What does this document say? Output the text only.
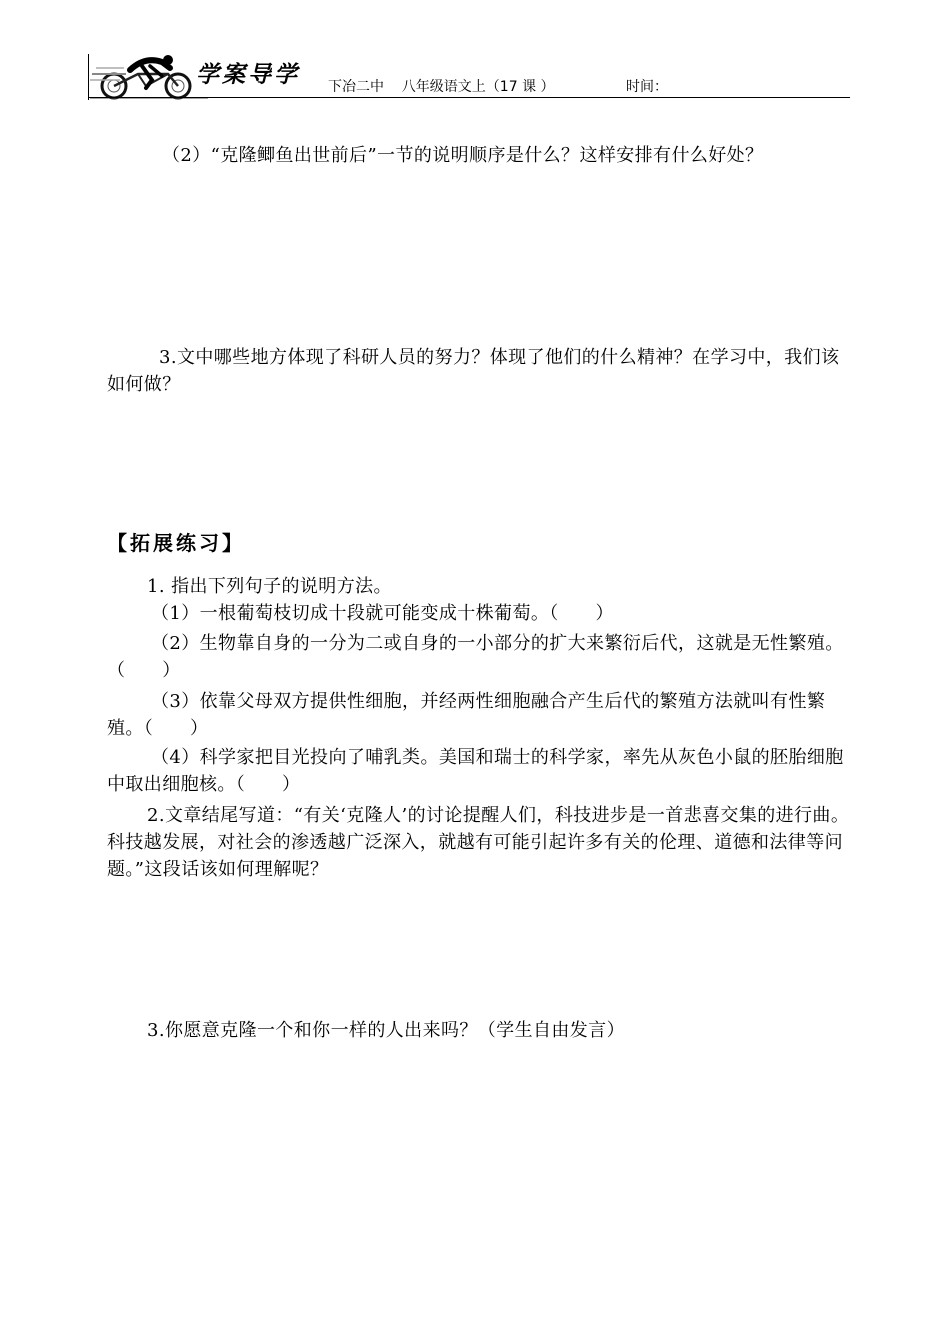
学案导学 下冶二中    八年级语文上（17 课 ）	时间：
（2）“克隆鲫鱼出世前后”一节的说明顺序是什么？这样安排有什么好处？
3.文中哪些地方体现了科研人员的努力？体现了他们的什么精神？在学习中，我们该如何做？
【拓展练习】
1. 指出下列句子的说明方法。
（1）一根葡萄枝切成十段就可能变成十株葡萄。（　　）
（2）生物靠自身的一分为二或自身的一小部分的扩大来繁衍后代，这就是无性繁殖。（　　）
（3）依靠父母双方提供性细胞，并经两性细胞融合产生后代的繁殖方法就叫有性繁殖。（　　）
（4）科学家把目光投向了哺乳类。美国和瑞士的科学家，率先从灰色小鼠的胚胎细胞中取出细胞核。（　　）
2.文章结尾写道：“有关‘克隆人’的讨论提醒人们，科技进步是一首悲喜交集的进行曲。科技越发展，对社会的渗透越广泛深入，就越有可能引起许多有关的伦理、道德和法律等问题。”这段话该如何理解呢？
3.你愿意克隆一个和你一样的人出来吗？（学生自由发言）
